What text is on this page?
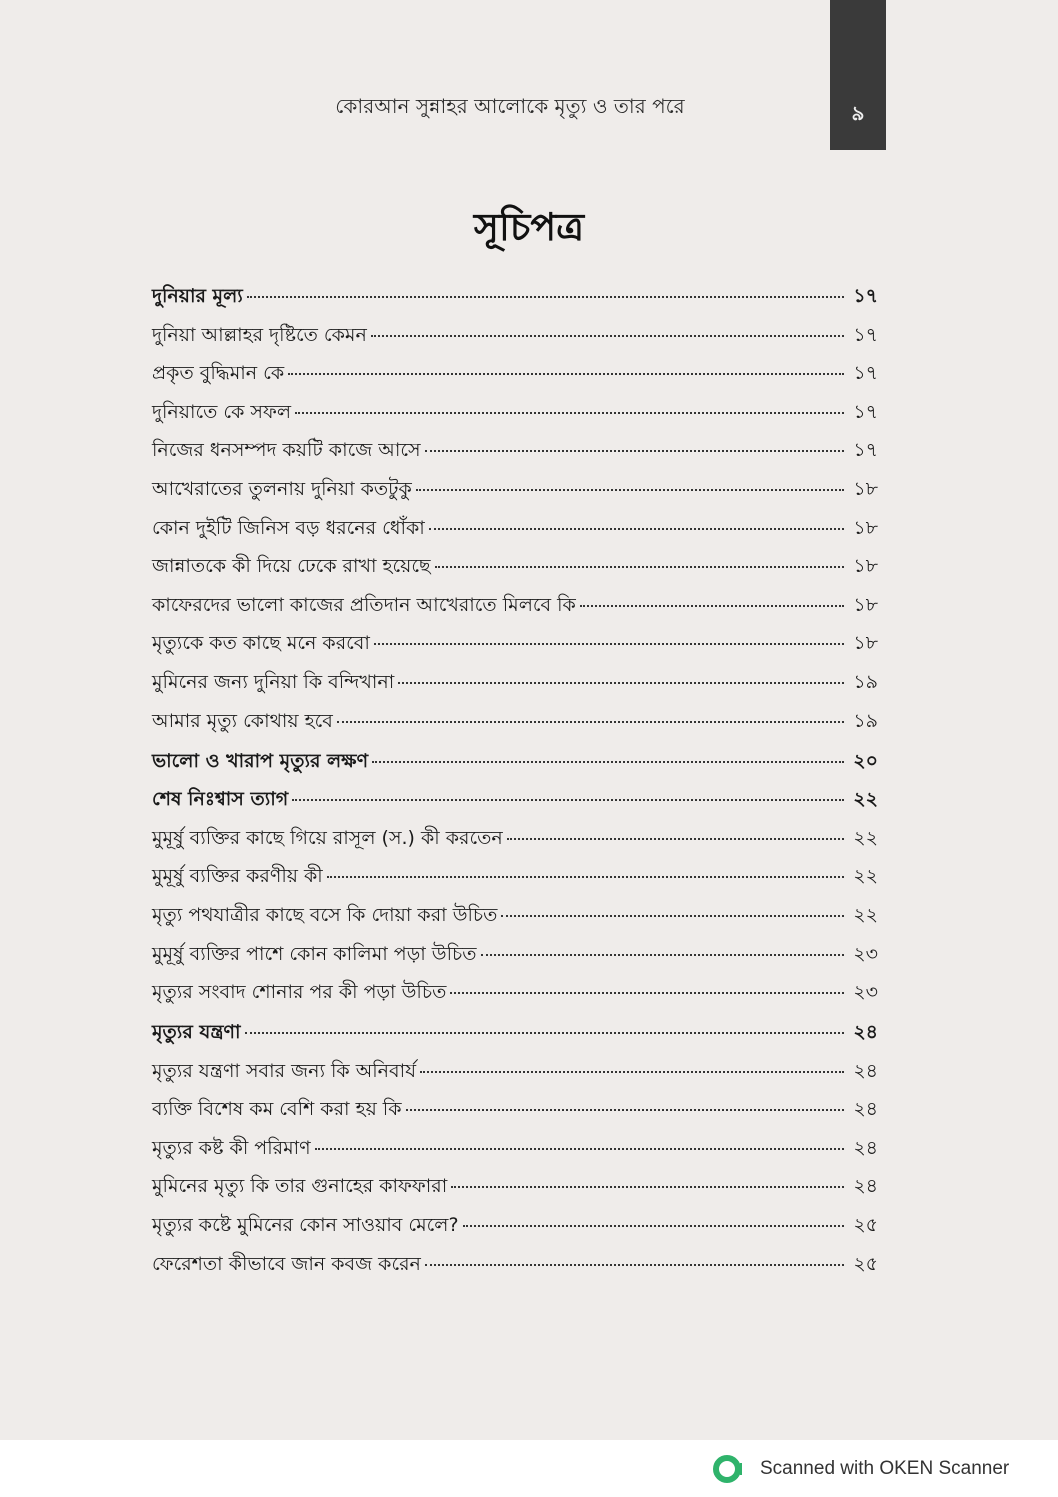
কোরআন সুন্নাহর আলোকে মৃত্যু ও তার পরে	৯
সূচিপত্র
দুনিয়ার মূল্য	১৭
দুনিয়া আল্লাহর দৃষ্টিতে কেমন	১৭
প্রকৃত বুদ্ধিমান কে	১৭
দুনিয়াতে কে সফল	১৭
নিজের ধনসম্পদ কয়টি কাজে আসে	১৭
আখেরাতের তুলনায় দুনিয়া কতটুকু	১৮
কোন দুইটি জিনিস বড় ধরনের ধোঁকা	১৮
জান্নাতকে কী দিয়ে ঢেকে রাখা হয়েছে	১৮
কাফেরদের ভালো কাজের প্রতিদান আখেরাতে মিলবে কি	১৮
মৃত্যুকে কত কাছে মনে করবো	১৮
মুমিনের জন্য দুনিয়া কি বন্দিখানা	১৯
আমার মৃত্যু কোথায় হবে	১৯
ভালো ও খারাপ মৃত্যুর লক্ষণ	২০
শেষ নিঃশ্বাস ত্যাগ	২২
মুমূর্ষু ব্যক্তির কাছে গিয়ে রাসূল (স.) কী করতেন	২২
মুমূর্ষু ব্যক্তির করণীয় কী	২২
মৃত্যু পথযাত্রীর কাছে বসে কি দোয়া করা উচিত	২২
মুমূর্ষু ব্যক্তির পাশে কোন কালিমা পড়া উচিত	২৩
মৃত্যুর সংবাদ শোনার পর কী পড়া উচিত	২৩
মৃত্যুর যন্ত্রণা	২৪
মৃত্যুর যন্ত্রণা সবার জন্য কি অনিবার্য	২৪
ব্যক্তি বিশেষ কম বেশি করা হয় কি	২৪
মৃত্যুর কষ্ট কী পরিমাণ	২৪
মুমিনের মৃত্যু কি তার গুনাহের কাফফারা	২৪
মৃত্যুর কষ্টে মুমিনের কোন সাওয়াব মেলে?	২৫
ফেরেশতা কীভাবে জান কবজ করেন	২৫
Scanned with OKEN Scanner
